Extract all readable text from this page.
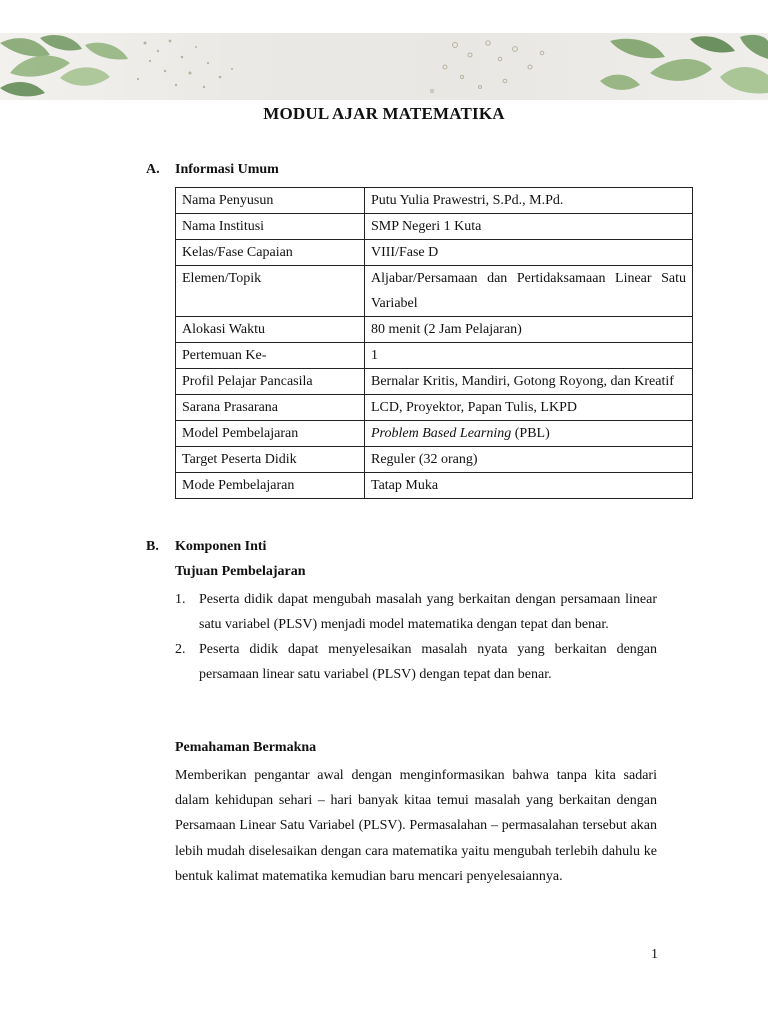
MODUL AJAR MATEMATIKA
A. Informasi Umum
Nama Penyusun	Putu Yulia Prawestri, S.Pd., M.Pd.
Nama Institusi	SMP Negeri 1 Kuta
Kelas/Fase Capaian	VIII/Fase D
Elemen/Topik	Aljabar/Persamaan dan Pertidaksamaan Linear Satu Variabel
Alokasi Waktu	80 menit (2 Jam Pelajaran)
Pertemuan Ke-	1
Profil Pelajar Pancasila	Bernalar Kritis, Mandiri, Gotong Royong, dan Kreatif
Sarana Prasarana	LCD, Proyektor, Papan Tulis, LKPD
Model Pembelajaran	Problem Based Learning (PBL)
Target Peserta Didik	Reguler (32 orang)
Mode Pembelajaran	Tatap Muka
B. Komponen Inti
Tujuan Pembelajaran
1. Peserta didik dapat mengubah masalah yang berkaitan dengan persamaan linear satu variabel (PLSV) menjadi model matematika dengan tepat dan benar.
2. Peserta didik dapat menyelesaikan masalah nyata yang berkaitan dengan persamaan linear satu variabel (PLSV) dengan tepat dan benar.
Pemahaman Bermakna

Memberikan pengantar awal dengan menginformasikan bahwa tanpa kita sadari dalam kehidupan sehari – hari banyak kitaa temui masalah yang berkaitan dengan Persamaan Linear Satu Variabel (PLSV). Permasalahan – permasalahan tersebut akan lebih mudah diselesaikan dengan cara matematika yaitu mengubah terlebih dahulu ke bentuk kalimat matematika kemudian baru mencari penyelesaiannya.

1
